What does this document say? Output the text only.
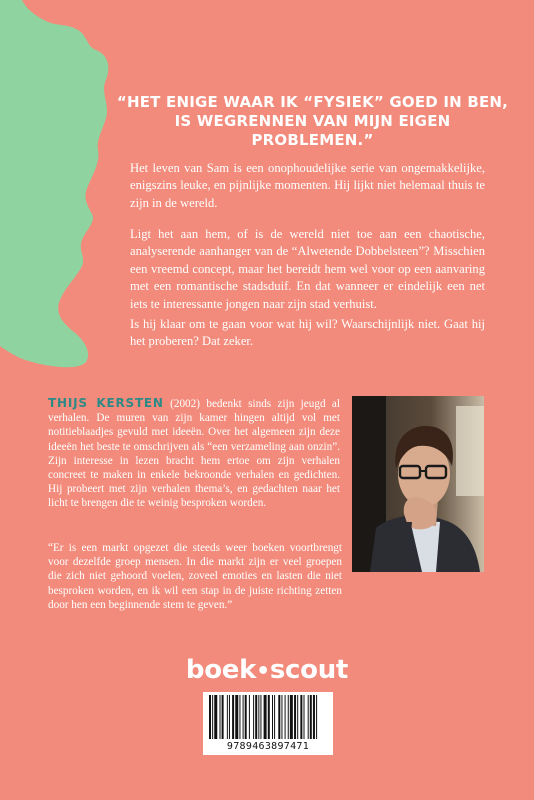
“HET ENIGE WAAR IK “FYSIEK” GOED IN BEN, IS WEGRENNEN VAN MIJN EIGEN PROBLEMEN.”

Het leven van Sam is een onophoudelijke serie van ongemakkelijke, enigszins leuke, en pijnlijke momenten. Hij lijkt niet helemaal thuis te zijn in de wereld.

Ligt het aan hem, of is de wereld niet toe aan een chaotische, analyserende aanhanger van de “Alwetende Dobbelsteen”? Misschien een vreemd concept, maar het bereidt hem wel voor op een aanvaring met een romantische stadsduif. En dat wanneer er eindelijk een net iets te interessante jongen naar zijn stad verhuist.

Is hij klaar om te gaan voor wat hij wil? Waarschijnlijk niet. Gaat hij het proberen? Dat zeker.

THIJS KERSTEN (2002) bedenkt sinds zijn jeugd al verhalen. De muren van zijn kamer hingen altijd vol met notitieblaadjes gevuld met ideeën. Over het algemeen zijn deze ideeën het beste te omschrijven als “een verzameling aan onzin”. Zijn interesse in lezen bracht hem ertoe om zijn verhalen concreet te maken in enkele bekroonde verhalen en gedichten. Hij probeert met zijn verhalen thema’s, en gedachten naar het licht te brengen die te weinig besproken worden.

“Er is een markt opgezet die steeds weer boeken voortbrengt voor dezelfde groep mensen. In die markt zijn er veel groepen die zich niet gehoord voelen, zoveel emoties en lasten die niet besproken worden, en ik wil een stap in de juiste richting zetten door hen een beginnende stem te geven.”

boek•scout
9789463897471
